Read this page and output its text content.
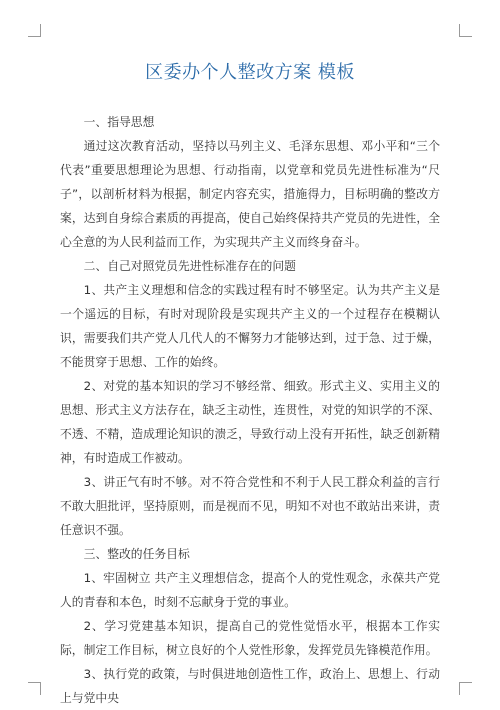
区委办个人整改方案 模板

一、指导思想

通过这次教育活动，坚持以马列主义、毛泽东思想、邓小平和“三个代表”重要思想理论为思想、行动指南，以党章和党员先进性标准为“尺子”，以剖析材料为根据，制定内容充实，措施得力，目标明确的整改方案，达到自身综合素质的再提高，使自己始终保持共产党员的先进性，全心全意的为人民利益而工作，为实现共产主义而终身奋斗。

二、自己对照党员先进性标准存在的问题

1、共产主义理想和信念的实践过程有时不够坚定。认为共产主义是一个遥远的目标，有时对现阶段是实现共产主义的一个过程存在模糊认识，需要我们共产党人几代人的不懈努力才能够达到，过于急、过于燥，不能贯穿于思想、工作的始终。

2、对党的基本知识的学习不够经常、细致。形式主义、实用主义的思想、形式主义方法存在，缺乏主动性，连贯性，对党的知识学的不深、不透、不精，造成理论知识的溃乏，导致行动上没有开拓性，缺乏创新精神，有时造成工作被动。

3、讲正气有时不够。对不符合党性和不利于人民工群众利益的言行不敢大胆批评，坚持原则，而是视而不见，明知不对也不敢站出来讲，责任意识不强。

三、整改的任务目标

1、牢固树立 共产主义理想信念，提高个人的党性观念，永葆共产党人的青春和本色，时刻不忘献身于党的事业。

2、学习党建基本知识，提高自己的党性觉悟水平，根据本工作实际，制定工作目标，树立良好的个人党性形象，发挥党员先锋模范作用。

3、执行党的政策，与时俱进地创造性工作，政治上、思想上、行动上与党中央
